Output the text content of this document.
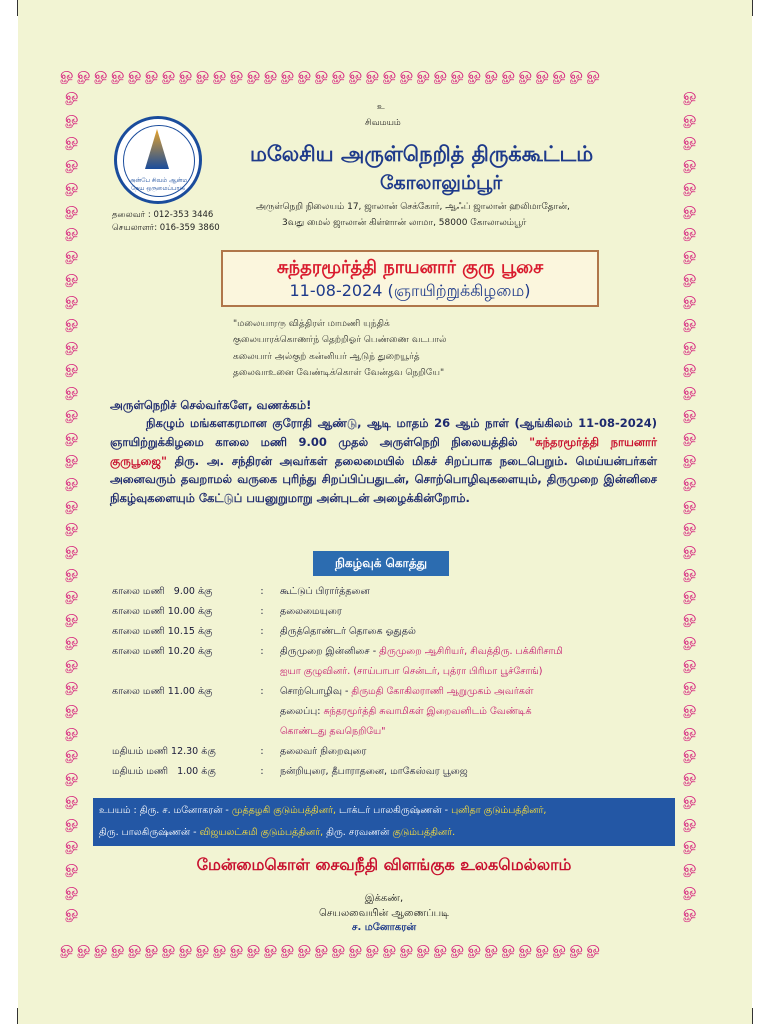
ௐௐௐௐௐௐௐௐௐௐௐௐௐௐௐௐௐௐௐௐௐௐௐௐௐௐௐௐௐௐௐௐ
ௐௐௐௐௐௐௐௐௐௐௐௐௐௐௐௐௐௐௐௐௐௐௐௐௐௐௐௐௐௐௐௐ
ௐ
ௐ
ௐ
ௐ
ௐ
ௐ
ௐ
ௐ
ௐ
ௐ
ௐ
ௐ
ௐ
ௐ
ௐ
ௐ
ௐ
ௐ
ௐ
ௐ
ௐ
ௐ
ௐ
ௐ
ௐ
ௐ
ௐ
ௐ
ௐ
ௐ
ௐ
ௐ
ௐ
ௐ
ௐ
ௐ
ௐ
ௐ
ௐ
ௐ
ௐ
ௐ
ௐ
ௐ
ௐ
ௐ
ௐ
ௐ
ௐ
ௐ
ௐ
ௐ
ௐ
ௐ
ௐ
ௐ
ௐ
ௐ
ௐ
ௐ
ௐ
ௐ
ௐ
ௐ
ௐ
ௐ
ௐ
ௐ
ௐ
ௐ
ௐ
ௐ
ௐ
ௐ
உ
சிவமயம்
அன்பே சிவம் ஆன்ம நேய ஒருமைப்பாடு
மலேசிய அருள்நெறித் திருக்கூட்டம்
கோலாலும்பூர்
தலைவர் : 012-353 3446
செயலாளர்: 016-359 3860
அருள்நெறி நிலையம் 17, ஜாலான் செக்கோர், ஆஃப் ஜாலான் ஹலிமாதோன்,
3வது மைல் ஜாலான் கிள்ளான் லாமா, 58000 கோலாலம்பூர்
சுந்தரமூர்த்தி நாயனார் குரு பூசை
11-08-2024 (ஞாயிற்றுக்கிழமை)
"மலையாரரு வித்திரள் மாமணி யுந்திக்
குலையாரக்கொணர்ந் தெற்றிஓர் பெண்ணை வடபால்
கலையார் அல்குற் கன்னியர் ஆடுந் துறையூர்த்
தலைவாஉனை வேண்டிக்கொள் வேன்தவ நெறியே"
அருள்நெறிச் செல்வர்களே, வணக்கம்!
நிகழும் மங்களகரமான குரோதி ஆண்டு, ஆடி மாதம் 26 ஆம் நாள் (ஆங்கிலம் 11-08-2024) ஞாயிற்றுக்கிழமை காலை மணி 9.00 முதல் அருள்நெறி நிலையத்தில் "சுந்தரமூர்த்தி நாயனார் குருபூஜை" திரு. அ. சந்திரன் அவர்கள் தலைமையில் மிகச் சிறப்பாக நடைபெறும். மெய்யன்பர்கள் அனைவரும் தவறாமல் வருகை புரிந்து சிறப்பிப்பதுடன், சொற்பொழிவுகளையும், திருமுறை இன்னிசை நிகழ்வுகளையும் கேட்டுப் பயனுறுமாறு அன்புடன் அழைக்கின்றோம்.
நிகழ்வுக் கொத்து
காலை மணி   9.00 க்கு	:	கூட்டுப் பிரார்த்தனை
காலை மணி 10.00 க்கு	:	தலைமையுரை
காலை மணி 10.15 க்கு	:	திருத்தொண்டர் தொகை ஓதுதல்
காலை மணி 10.20 க்கு	:	திருமுறை இன்னிசை - திருமுறை ஆசிரியர், சிவத்திரு. பக்கிரிசாமி
ஐயா குழுவினர். (சாய்பாபா சென்டர், புத்ரா பிரிமா பூச்சோங்)
காலை மணி 11.00 க்கு	:	சொற்பொழிவு - திருமதி கோகிலராணி ஆறுமுகம் அவர்கள்
தலைப்பு: சுந்தரமூர்த்தி சுவாமிகள் இறைவனிடம் வேண்டிக்
கொண்டது தவநெறியே"
மதியம் மணி 12.30 க்கு	:	தலைவர் நிறைவுரை
மதியம் மணி   1.00 க்கு	:	நன்றியுரை, தீபாராதனை, மாகேஸ்வர பூஜை
உபயம் : திரு. ச. மனோகரன் - முத்தழகி குடும்பத்தினர், டாக்டர் பாலகிருஷ்ணன் - புனிதா குடும்பத்தினர்,
திரு. பாலகிருஷ்ணன் - விஜயலட்சுமி குடும்பத்தினர், திரு. சரவணன் குடும்பத்தினர்.
மேன்மைகொள் சைவநீதி விளங்குக உலகமெல்லாம்
இக்கண்,
செயலவையின் ஆணைப்படி
ச. மனோகரன்
